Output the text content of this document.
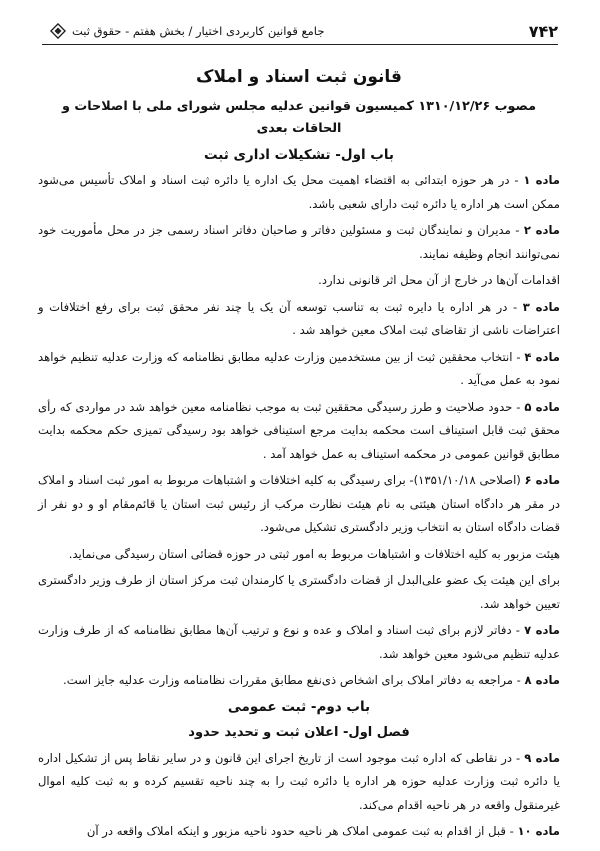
۷۴۲
جامع قوانین کاربردی اختیار / بخش هفتم - حقوق ثبت
قانون ثبت اسناد و املاک
مصوب ۱۳۱۰/۱۲/۲۶ کمیسیون قوانین عدلیه مجلس شورای ملی با اصلاحات و الحاقات بعدی
باب اول- تشکیلات اداری ثبت

ماده ۱ - در هر حوزه ابتدائی به اقتضاء اهمیت محل یک اداره یا دائره ثبت اسناد و املاک تأسیس می‌شود ممکن است هر اداره یا دائره ثبت دارای شعبی باشد.

ماده ۲ - مدیران و نمایندگان ثبت و مسئولین دفاتر و صاحبان دفاتر اسناد رسمی جز در محل مأموریت خود نمی‌توانند انجام وظیفه نمایند.

اقدامات آن‌ها در خارج از آن محل اثر قانونی ندارد.

ماده ۳ - در هر اداره یا دایره ثبت به تناسب توسعه آن یک یا چند نفر محقق ثبت برای رفع اختلافات و اعتراضات ناشی از تقاضای ثبت املاک معین خواهد شد .

ماده ۴ - انتخاب محققین ثبت از بین مستخدمین وزارت عدلیه مطابق نظامنامه که وزارت عدلیه تنظیم خواهد نمود به عمل می‌آید .

ماده ۵ - حدود صلاحیت و طرز رسیدگی محققین ثبت به موجب نظامنامه معین خواهد شد در مواردی که رأی محقق ثبت قابل استیناف است محکمه بدایت مرجع استینافی خواهد بود رسیدگی تمیزی حکم محکمه بدایت مطابق قوانین عمومی در محکمه استیناف به عمل خواهد آمد .

ماده ۶ (اصلاحی ۱۳۵۱/۱۰/۱۸)- برای رسیدگی به کلیه اختلافات و اشتباهات مربوط به امور ثبت اسناد و املاک در مقر هر دادگاه استان هیئتی به نام هیئت نظارت مرکب از رئیس ثبت استان یا قائم‌مقام او و دو نفر از قضات دادگاه استان به انتخاب وزیر دادگستری تشکیل می‌شود.

هیئت مزبور به کلیه اختلافات و اشتباهات مربوط به امور ثبتی در حوزه قضائی استان رسیدگی می‌نماید.

برای این هیئت یک عضو علی‌البدل از قضات دادگستری یا کارمندان ثبت مرکز استان از طرف وزیر دادگستری تعیین خواهد شد.

ماده ۷ - دفاتر لازم برای ثبت اسناد و املاک و عده و نوع و ترتیب آن‌ها مطابق نظامنامه که از طرف وزارت عدلیه تنظیم می‌شود معین خواهد شد.

ماده ۸ - مراجعه به دفاتر املاک برای اشخاص ذی‌نفع مطابق مقررات نظامنامه وزارت عدلیه جایز است.

باب دوم- ثبت عمومی
فصل اول- اعلان ثبت و تحدید حدود

ماده ۹ - در نقاطی که اداره ثبت موجود است از تاریخ اجرای این قانون و در سایر نقاط پس از تشکیل اداره یا دائره ثبت وزارت عدلیه حوزه هر اداره یا دائره ثبت را به چند ناحیه تقسیم کرده و به ثبت کلیه اموال غیرمنقول واقعه در هر ناحیه اقدام می‌کند.

ماده ۱۰ - قبل از اقدام به ثبت عمومی املاک هر ناحیه حدود ناحیه مزبور و اینکه املاک واقعه در آن
